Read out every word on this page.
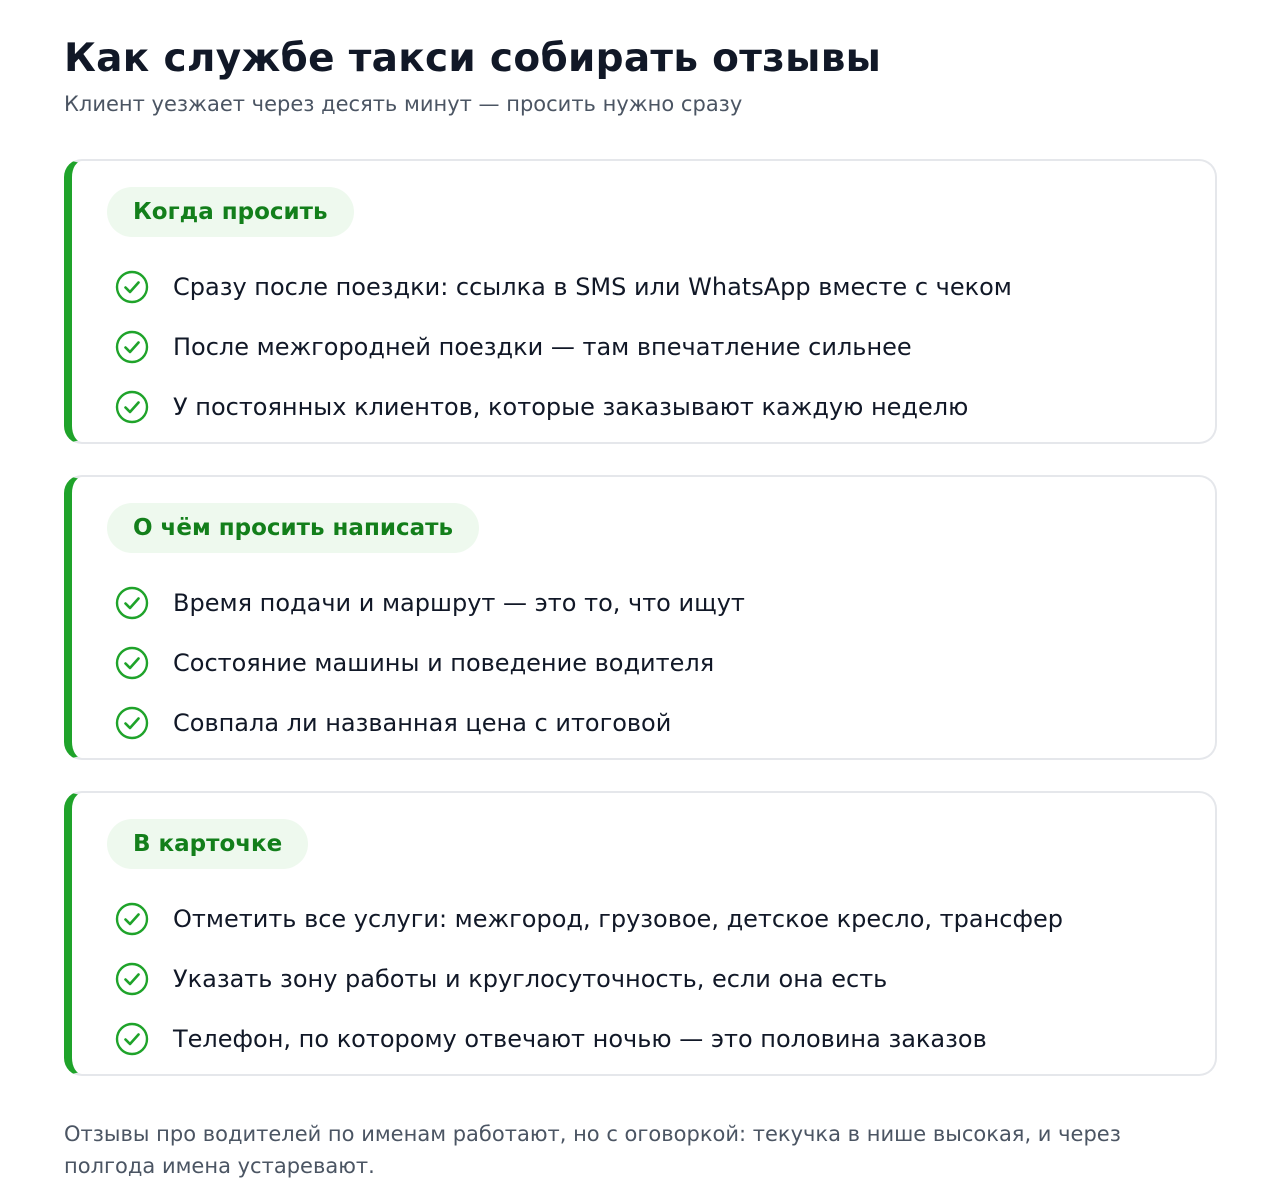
Как службе такси собирать отзывы

Клиент уезжает через десять минут — просить нужно сразу

Когда просить
Сразу после поездки: ссылка в SMS или WhatsApp вместе с чеком
После межгородней поездки — там впечатление сильнее
У постоянных клиентов, которые заказывают каждую неделю
О чём просить написать
Время подачи и маршрут — это то, что ищут
Состояние машины и поведение водителя
Совпала ли названная цена с итоговой
В карточке
Отметить все услуги: межгород, грузовое, детское кресло, трансфер
Указать зону работы и круглосуточность, если она есть
Телефон, по которому отвечают ночью — это половина заказов

Отзывы про водителей по именам работают, но с оговоркой: текучка в нише высокая, и через полгода имена устаревают.
